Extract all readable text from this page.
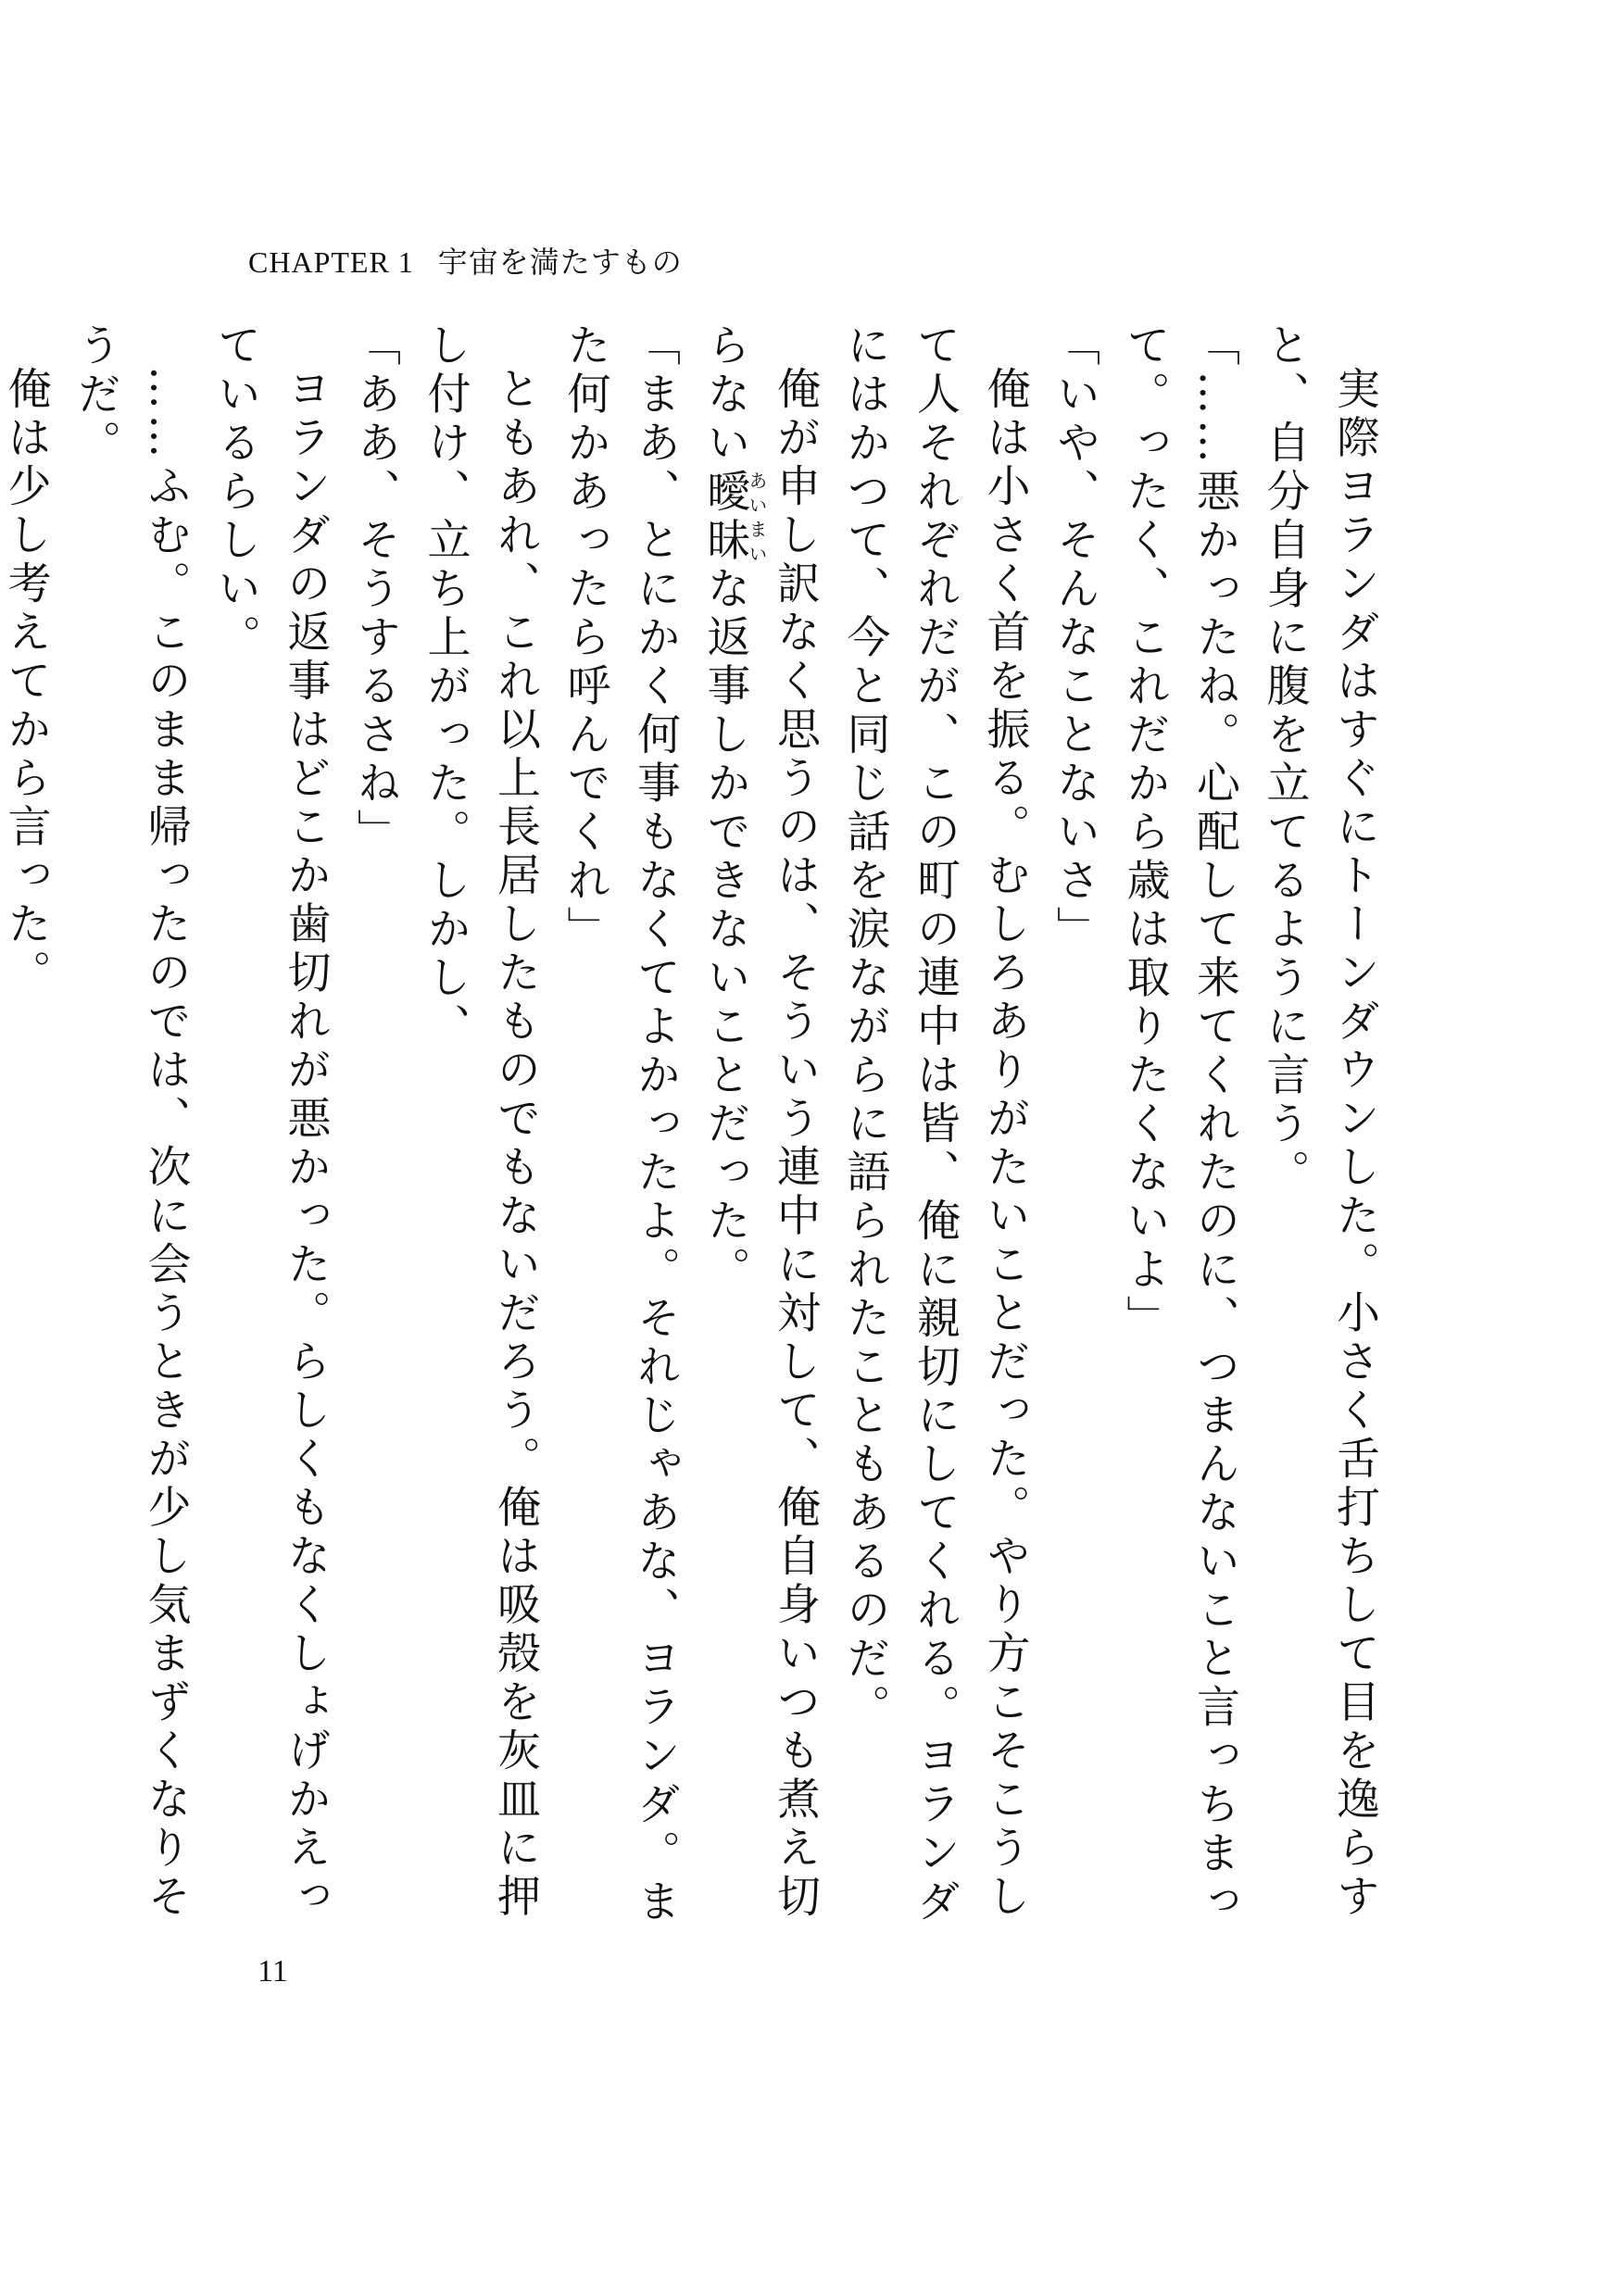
CHAPTER 1 宇宙を満たすもの

実際ヨランダはすぐにトーンダウンした。小さく舌打ちして目を逸らすと、自分自身に腹を立てるように言う。

「……悪かったね。心配して来てくれたのに、つまんないこと言っちまって。ったく、これだから歳は取りたくないよ」

「いや、そんなことないさ」

俺は小さく首を振る。むしろありがたいことだった。やり方こそこうして人それぞれだが、この町の連中は皆、俺に親切にしてくれる。ヨランダにはかつて、今と同じ話を涙ながらに語られたこともあるのだ。

俺が申し訳なく思うのは、そういう連中に対して、俺自身いつも煮え切らない曖昧あいまいな返事しかできないことだった。

「まあ、とにかく何事もなくてよかったよ。それじゃあな、ヨランダ。また何かあったら呼んでくれ」

ともあれ、これ以上長居したものでもないだろう。俺は吸殻を灰皿に押し付け、立ち上がった。しかし、

「ああ、そうするさね」

ヨランダの返事はどこか歯切れが悪かった。らしくもなくしょげかえっているらしい。

……ふむ。このまま帰ったのでは、次に会うときが少し気まずくなりそうだ。

俺は少し考えてから言った。

11
